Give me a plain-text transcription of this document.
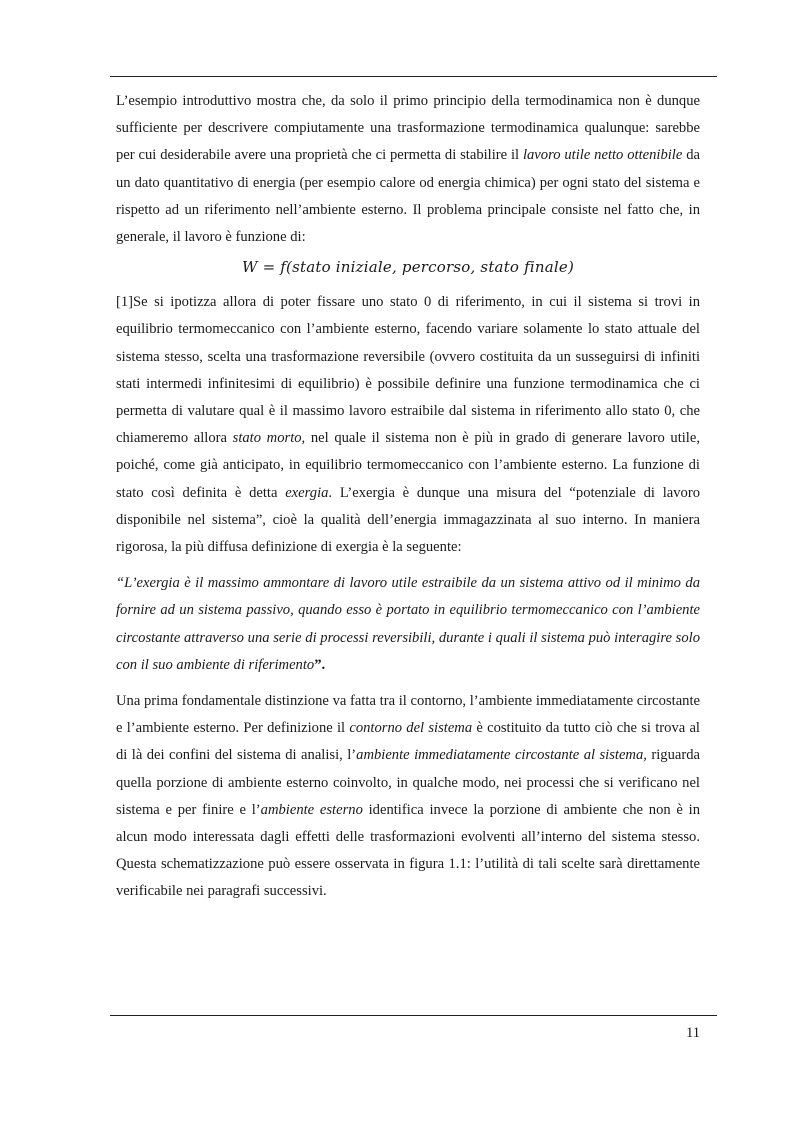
L’esempio introduttivo mostra che, da solo il primo principio della termodinamica non è dunque sufficiente per descrivere compiutamente una trasformazione termodinamica qualunque: sarebbe per cui desiderabile avere una proprietà che ci permetta di stabilire il lavoro utile netto ottenibile da un dato quantitativo di energia (per esempio calore od energia chimica) per ogni stato del sistema e rispetto ad un riferimento nell’ambiente esterno. Il problema principale consiste nel fatto che, in generale, il lavoro è funzione di:

W = f(stato iniziale, percorso, stato finale)

[1]Se si ipotizza allora di poter fissare uno stato 0 di riferimento, in cui il sistema si trovi in equilibrio termomeccanico con l’ambiente esterno, facendo variare solamente lo stato attuale del sistema stesso, scelta una trasformazione reversibile (ovvero costituita da un susseguirsi di infiniti stati intermedi infinitesimi di equilibrio) è possibile definire una funzione termodinamica che ci permetta di valutare qual è il massimo lavoro estraibile dal sistema in riferimento allo stato 0, che chiameremo allora stato morto, nel quale il sistema non è più in grado di generare lavoro utile, poiché, come già anticipato, in equilibrio termomeccanico con l’ambiente esterno. La funzione di stato così definita è detta exergia. L’exergia è dunque una misura del “potenziale di lavoro disponibile nel sistema”, cioè la qualità dell’energia immagazzinata al suo interno. In maniera rigorosa, la più diffusa definizione di exergia è la seguente:

“L’exergia è il massimo ammontare di lavoro utile estraibile da un sistema attivo od il minimo da fornire ad un sistema passivo, quando esso è portato in equilibrio termomeccanico con l’ambiente circostante attraverso una serie di processi reversibili, durante i quali il sistema può interagire solo con il suo ambiente di riferimento”.

Una prima fondamentale distinzione va fatta tra il contorno, l’ambiente immediatamente circostante e l’ambiente esterno. Per definizione il contorno del sistema è costituito da tutto ciò che si trova al di là dei confini del sistema di analisi, l’ambiente immediatamente circostante al sistema, riguarda quella porzione di ambiente esterno coinvolto, in qualche modo, nei processi che si verificano nel sistema e per finire e l’ambiente esterno identifica invece la porzione di ambiente che non è in alcun modo interessata dagli effetti delle trasformazioni evolventi all’interno del sistema stesso. Questa schematizzazione può essere osservata in figura 1.1: l’utilità di tali scelte sarà direttamente verificabile nei paragrafi successivi.

11
